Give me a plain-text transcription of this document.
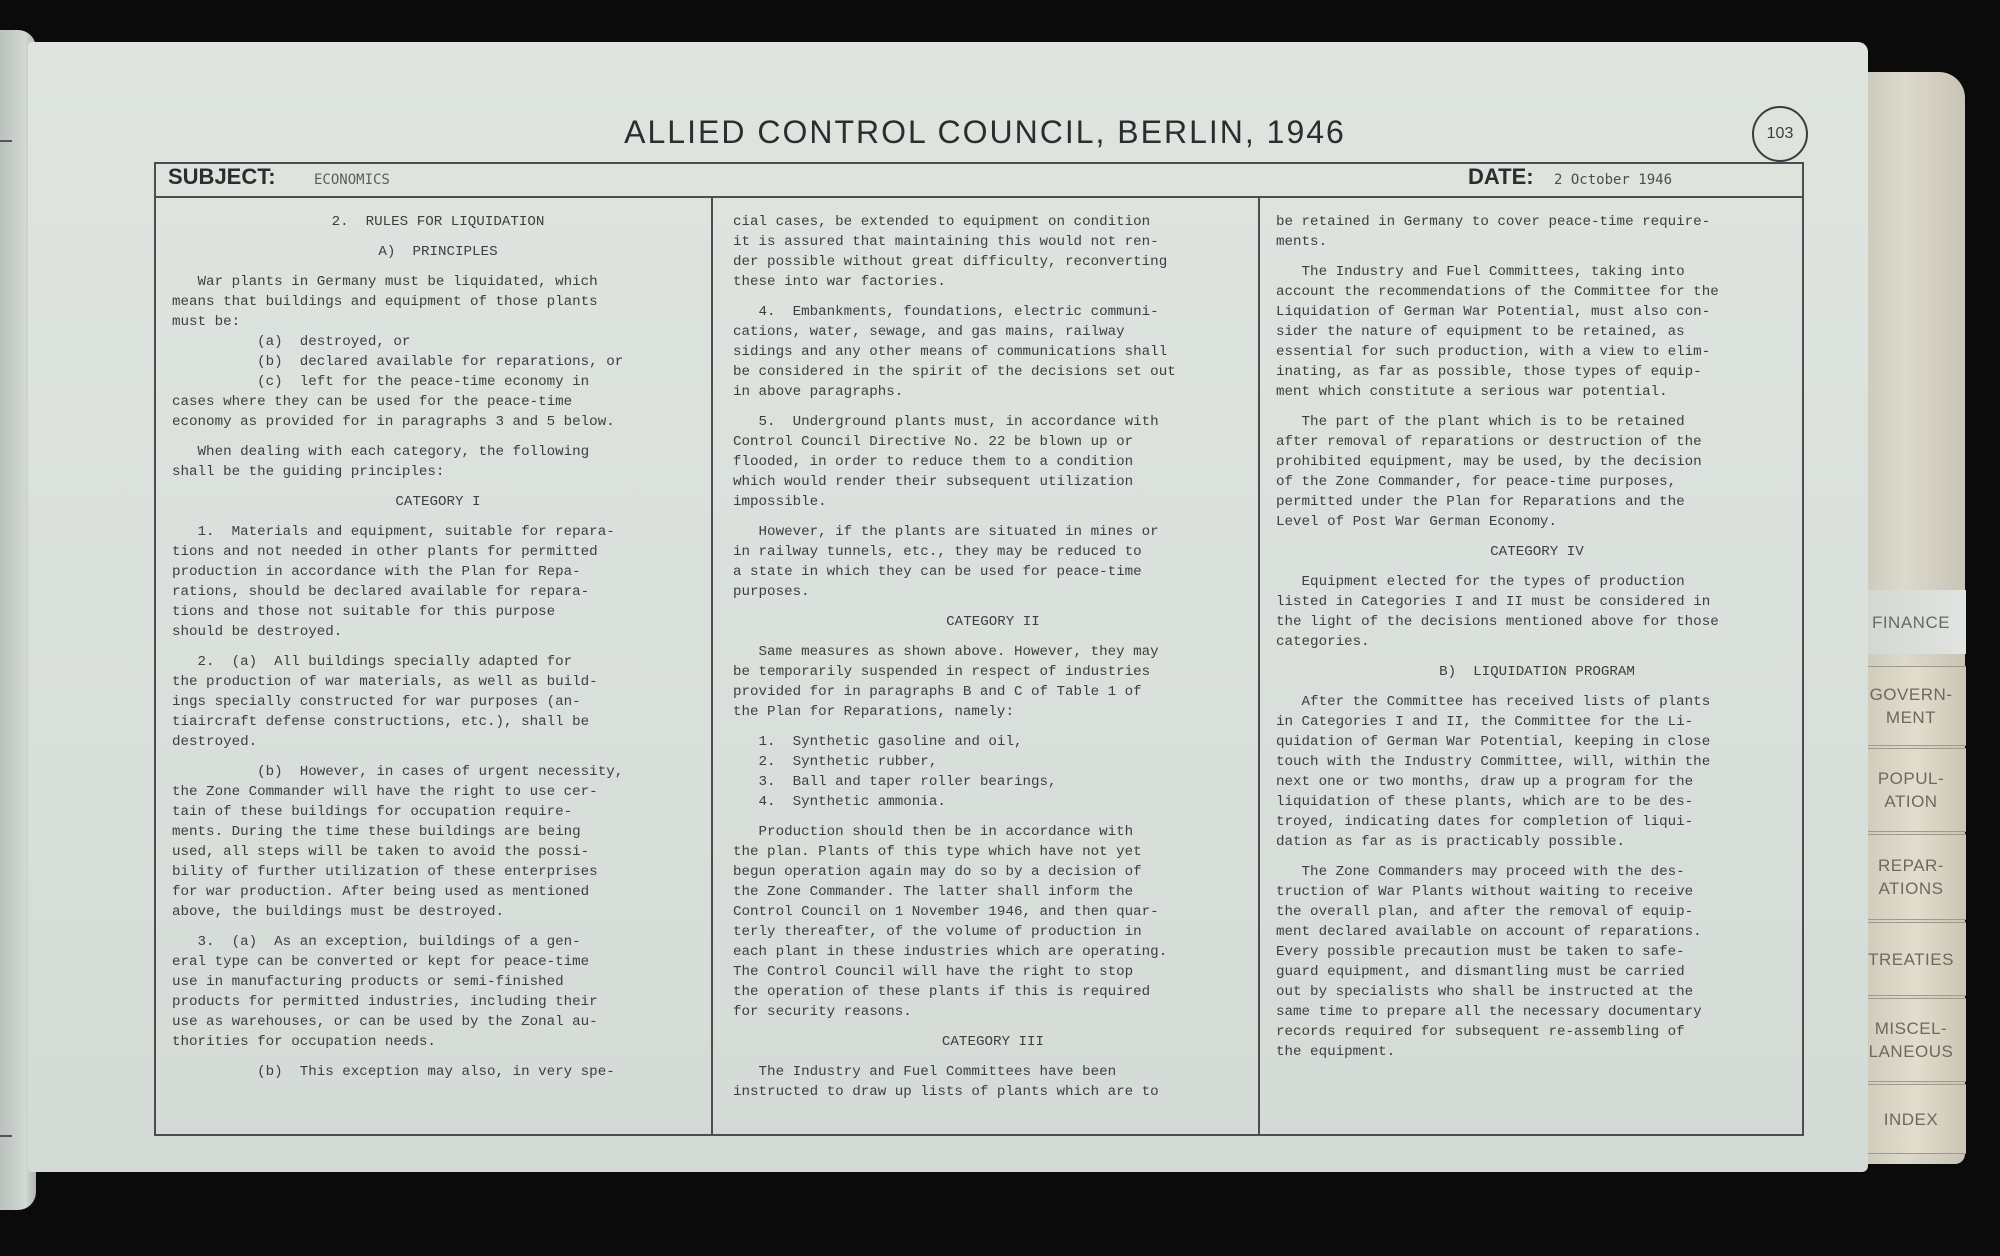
FINANCE
GOVERN-
MENT
POPUL-
ATION
REPAR-
ATIONS
TREATIES
MISCEL-
LANEOUS
INDEX
ALLIED CONTROL COUNCIL, BERLIN, 1946	103
SUBJECT:	ECONOMICS	DATE: 2 October 1946

2.  RULES FOR LIQUIDATION

A)  PRINCIPLES

War plants in Germany must be liquidated, which
means that buildings and equipment of those plants
must be:
(a)  destroyed, or
(b)  declared available for reparations, or
(c)  left for the peace-time economy in
cases where they can be used for the peace-time
economy as provided for in paragraphs 3 and 5 below.

When dealing with each category, the following
shall be the guiding principles:

CATEGORY I

1.  Materials and equipment, suitable for repara-
tions and not needed in other plants for permitted
production in accordance with the Plan for Repa-
rations, should be declared available for repara-
tions and those not suitable for this purpose
should be destroyed.

2.  (a)  All buildings specially adapted for
the production of war materials, as well as build-
ings specially constructed for war purposes (an-
tiaircraft defense constructions, etc.), shall be
destroyed.

(b)  However, in cases of urgent necessity,
the Zone Commander will have the right to use cer-
tain of these buildings for occupation require-
ments. During the time these buildings are being
used, all steps will be taken to avoid the possi-
bility of further utilization of these enterprises
for war production. After being used as mentioned
above, the buildings must be destroyed.

3.  (a)  As an exception, buildings of a gen-
eral type can be converted or kept for peace-time
use in manufacturing products or semi-finished
products for permitted industries, including their
use as warehouses, or can be used by the Zonal au-
thorities for occupation needs.

(b)  This exception may also, in very spe-

cial cases, be extended to equipment on condition
it is assured that maintaining this would not ren-
der possible without great difficulty, reconverting
these into war factories.

4.  Embankments, foundations, electric communi-
cations, water, sewage, and gas mains, railway
sidings and any other means of communications shall
be considered in the spirit of the decisions set out
in above paragraphs.

5.  Underground plants must, in accordance with
Control Council Directive No. 22 be blown up or
flooded, in order to reduce them to a condition
which would render their subsequent utilization
impossible.

However, if the plants are situated in mines or
in railway tunnels, etc., they may be reduced to
a state in which they can be used for peace-time
purposes.

CATEGORY II

Same measures as shown above. However, they may
be temporarily suspended in respect of industries
provided for in paragraphs B and C of Table 1 of
the Plan for Reparations, namely:

1.  Synthetic gasoline and oil,
2.  Synthetic rubber,
3.  Ball and taper roller bearings,
4.  Synthetic ammonia.

Production should then be in accordance with
the plan. Plants of this type which have not yet
begun operation again may do so by a decision of
the Zone Commander. The latter shall inform the
Control Council on 1 November 1946, and then quar-
terly thereafter, of the volume of production in
each plant in these industries which are operating.
The Control Council will have the right to stop
the operation of these plants if this is required
for security reasons.

CATEGORY III

The Industry and Fuel Committees have been
instructed to draw up lists of plants which are to

be retained in Germany to cover peace-time require-
ments.

The Industry and Fuel Committees, taking into
account the recommendations of the Committee for the
Liquidation of German War Potential, must also con-
sider the nature of equipment to be retained, as
essential for such production, with a view to elim-
inating, as far as possible, those types of equip-
ment which constitute a serious war potential.

The part of the plant which is to be retained
after removal of reparations or destruction of the
prohibited equipment, may be used, by the decision
of the Zone Commander, for peace-time purposes,
permitted under the Plan for Reparations and the
Level of Post War German Economy.

CATEGORY IV

Equipment elected for the types of production
listed in Categories I and II must be considered in
the light of the decisions mentioned above for those
categories.

B)  LIQUIDATION PROGRAM

After the Committee has received lists of plants
in Categories I and II, the Committee for the Li-
quidation of German War Potential, keeping in close
touch with the Industry Committee, will, within the
next one or two months, draw up a program for the
liquidation of these plants, which are to be des-
troyed, indicating dates for completion of liqui-
dation as far as is practicably possible.

The Zone Commanders may proceed with the des-
truction of War Plants without waiting to receive
the overall plan, and after the removal of equip-
ment declared available on account of reparations.
Every possible precaution must be taken to safe-
guard equipment, and dismantling must be carried
out by specialists who shall be instructed at the
same time to prepare all the necessary documentary
records required for subsequent re-assembling of
the equipment.
